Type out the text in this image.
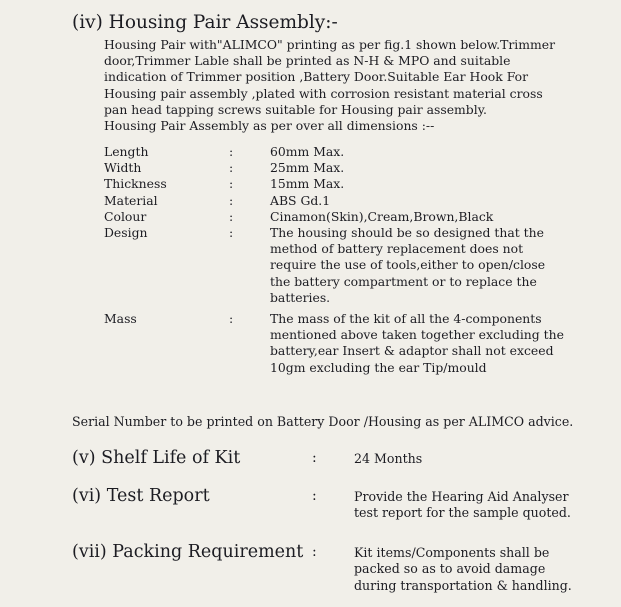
(iv) Housing Pair Assembly:-
Housing Pair with"ALIMCO" printing as per fig.1 shown below.Trimmer
door,Trimmer Lable shall be printed as N-H & MPO and suitable
indication of Trimmer position ,Battery Door.Suitable Ear Hook For
Housing pair assembly ,plated with corrosion resistant material cross
pan head tapping screws suitable for Housing pair assembly.
Housing Pair Assembly as per over all dimensions :--
Length	:	60mm Max.
Width	:	25mm Max.
Thickness	:	15mm Max.
Material	:	ABS Gd.1
Colour	:	Cinamon(Skin),Cream,Brown,Black
Design	:	The housing should be so designed that the
method of battery replacement does not
require the use of tools,either to open/close
the battery compartment or to replace the
batteries.
Mass	:	The mass of the kit of all the 4-components
mentioned above taken together excluding the
battery,ear Insert & adaptor shall not exceed
10gm excluding the ear Tip/mould
Serial Number to be printed on Battery Door /Housing as per ALIMCO advice.
(v) Shelf Life of Kit	:	24 Months
(vi) Test Report	:	Provide the Hearing Aid Analyser
test report for the sample quoted.
(vii) Packing Requirement :	Kit items/Components shall be
packed so as to avoid damage
during transportation & handling.
